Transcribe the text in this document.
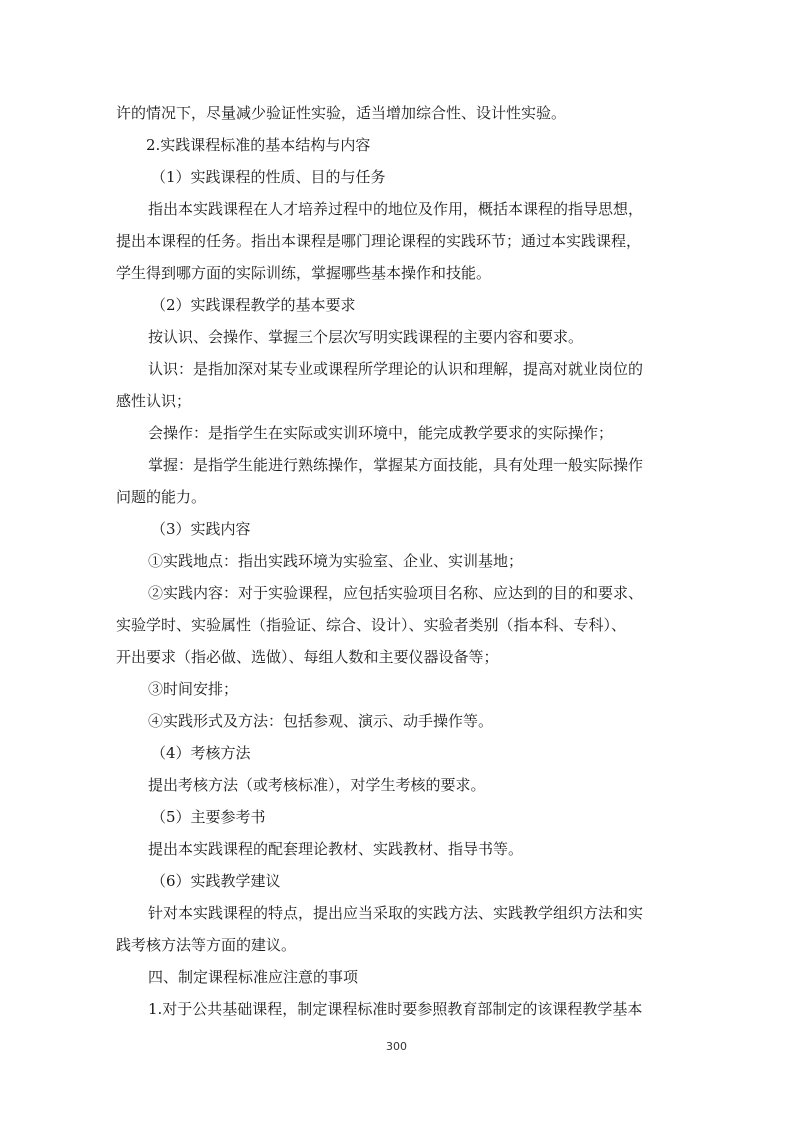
许的情况下，尽量减少验证性实验，适当增加综合性、设计性实验。
2.实践课程标准的基本结构与内容
（1）实践课程的性质、目的与任务
指出本实践课程在人才培养过程中的地位及作用，概括本课程的指导思想，
提出本课程的任务。指出本课程是哪门理论课程的实践环节；通过本实践课程，
学生得到哪方面的实际训练，掌握哪些基本操作和技能。
（2）实践课程教学的基本要求
按认识、会操作、掌握三个层次写明实践课程的主要内容和要求。
认识：是指加深对某专业或课程所学理论的认识和理解，提高对就业岗位的
感性认识；
会操作：是指学生在实际或实训环境中，能完成教学要求的实际操作；
掌握：是指学生能进行熟练操作，掌握某方面技能，具有处理一般实际操作
问题的能力。
（3）实践内容
①实践地点：指出实践环境为实验室、企业、实训基地；
②实践内容：对于实验课程，应包括实验项目名称、应达到的目的和要求、
实验学时、实验属性（指验证、综合、设计）、实验者类别（指本科、专科）、
开出要求（指必做、选做）、每组人数和主要仪器设备等；
③时间安排；
④实践形式及方法：包括参观、演示、动手操作等。
（4）考核方法
提出考核方法（或考核标准），对学生考核的要求。
（5）主要参考书
提出本实践课程的配套理论教材、实践教材、指导书等。
（6）实践教学建议
针对本实践课程的特点，提出应当采取的实践方法、实践教学组织方法和实
践考核方法等方面的建议。
四、制定课程标准应注意的事项
1.对于公共基础课程，制定课程标准时要参照教育部制定的该课程教学基本
300
